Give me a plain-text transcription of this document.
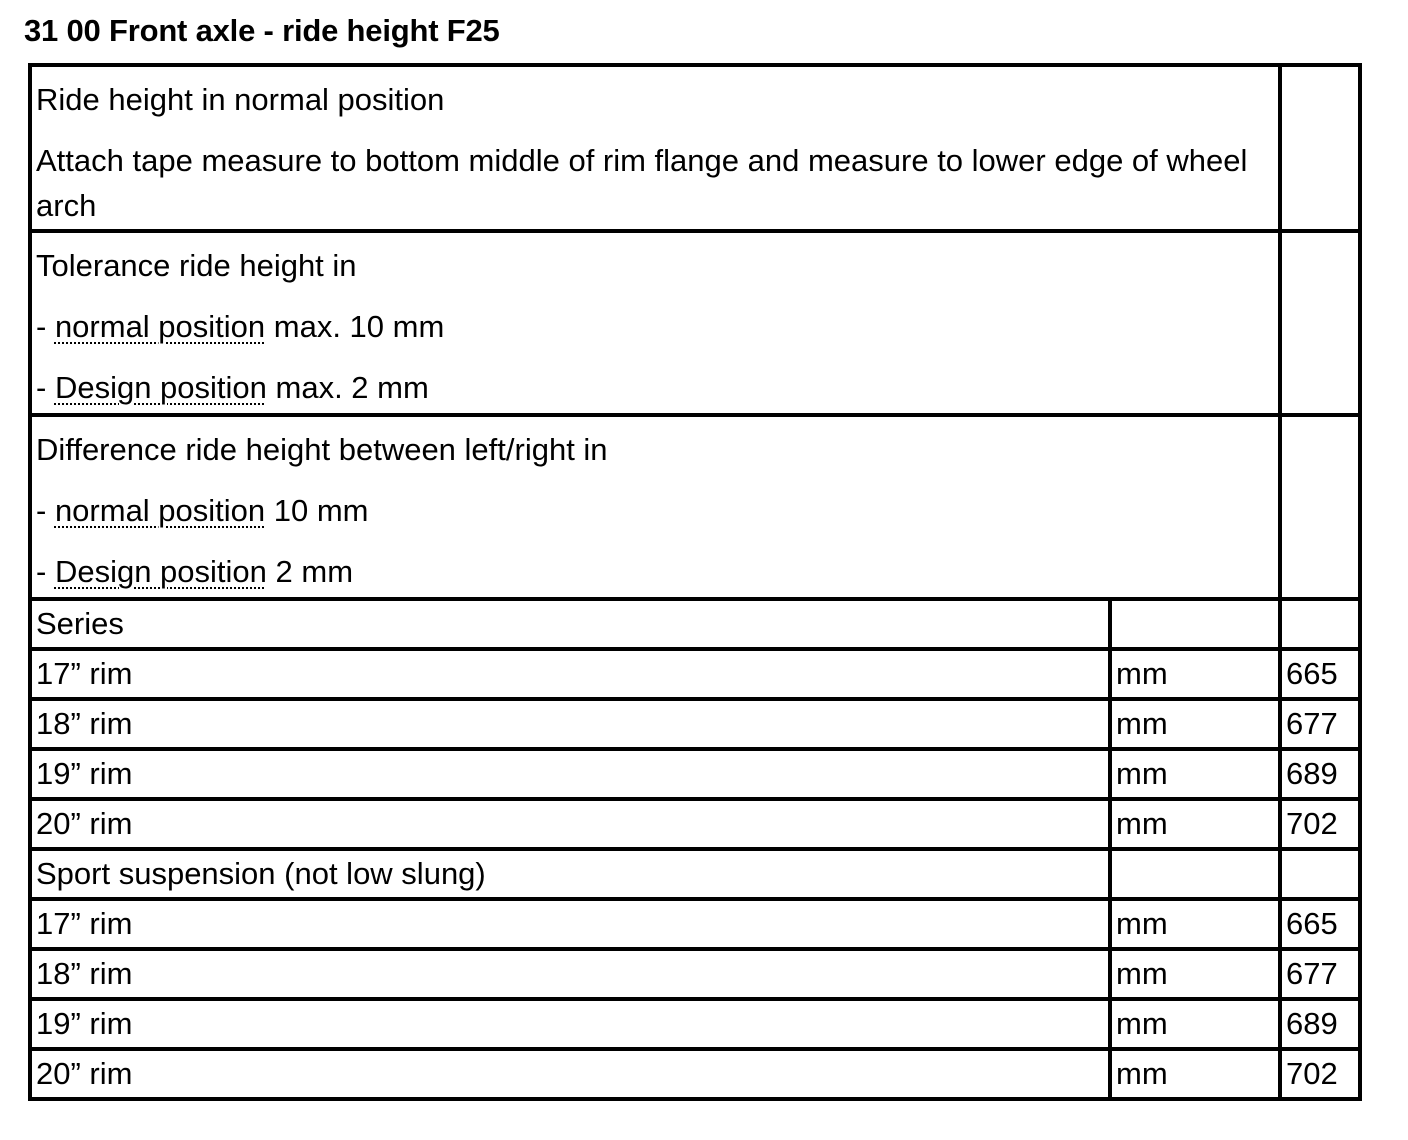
31 00 Front axle - ride height F25

Ride height in normal position

Attach tape measure to bottom middle of rim flange and measure to lower edge of wheel arch		

Tolerance ride height in

- normal position max. 10 mm

- Design position max. 2 mm		

Difference ride height between left/right in

- normal position 10 mm

- Design position 2 mm		

Series		
17” rim	mm	665
18” rim	mm	677
19” rim	mm	689
20” rim	mm	702
Sport suspension (not low slung)		
17” rim	mm	665
18” rim	mm	677
19” rim	mm	689
20” rim	mm	702
